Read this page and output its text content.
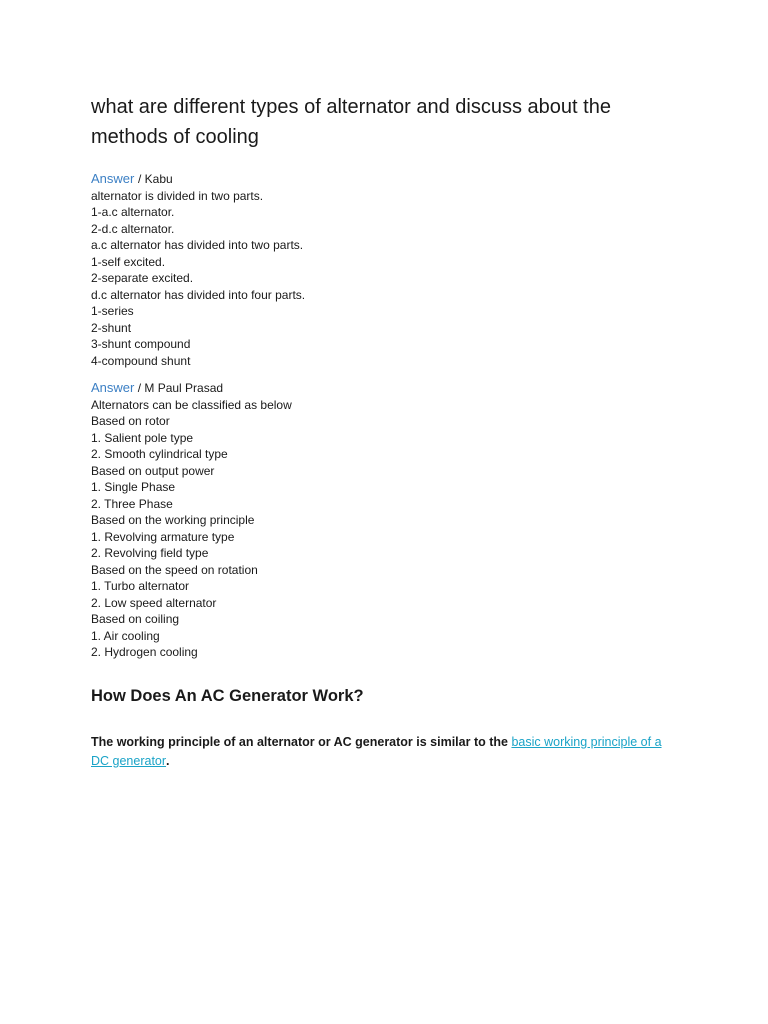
what are different types of alternator and discuss about the methods of cooling
Answer / Kabu
alternator is divided in two parts.
1-a.c alternator.
2-d.c alternator.
a.c alternator has divided into two parts.
1-self excited.
2-separate excited.
d.c alternator has divided into four parts.
1-series
2-shunt
3-shunt compound
4-compound shunt
Answer / M Paul Prasad
Alternators can be classified as below
Based on rotor
1. Salient pole type
2. Smooth cylindrical type
Based on output power
1. Single Phase
2. Three Phase
Based on the working principle
1. Revolving armature type
2. Revolving field type
Based on the speed on rotation
1. Turbo alternator
2. Low speed alternator
Based on coiling
1. Air cooling
2. Hydrogen cooling
How Does An AC Generator Work?

The working principle of an alternator or AC generator is similar to the basic working principle of a DC generator.
